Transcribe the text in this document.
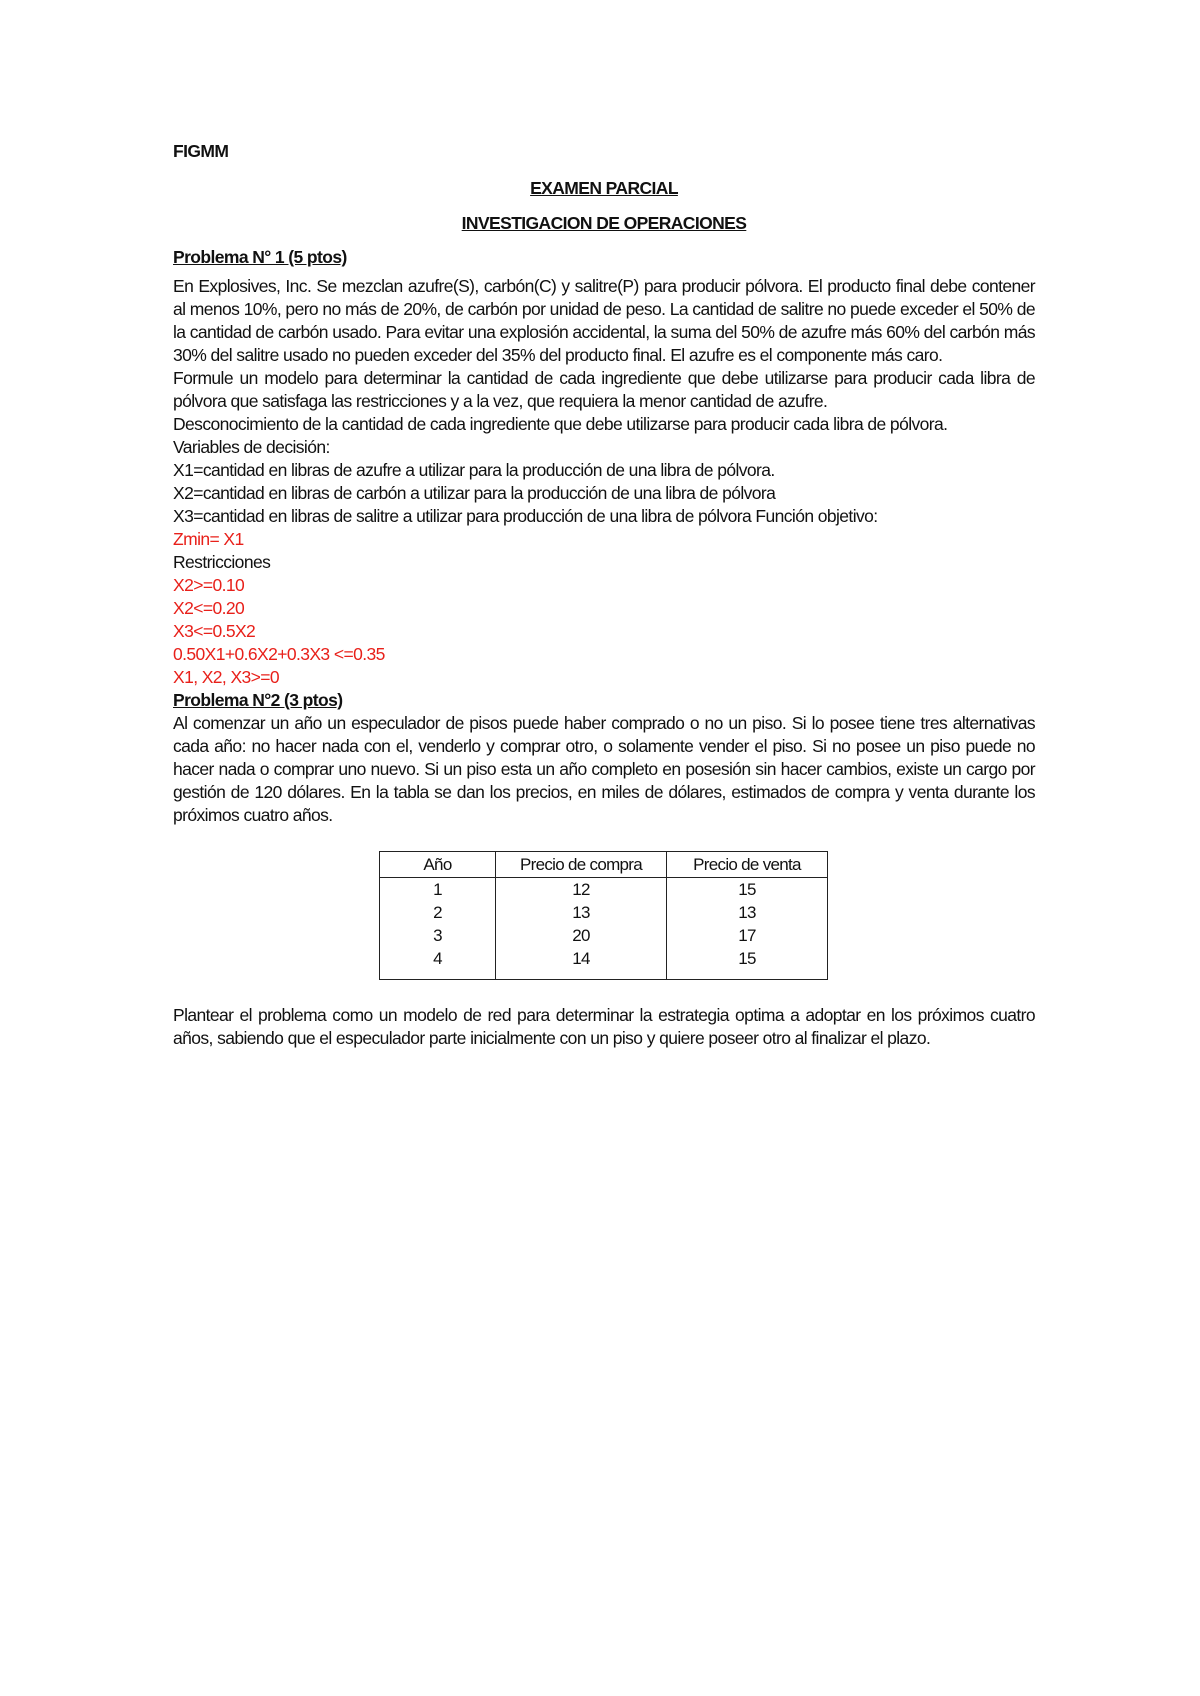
FIGMM
EXAMEN PARCIAL
INVESTIGACION DE OPERACIONES
Problema N° 1 (5 ptos)
En Explosives, Inc. Se mezclan azufre(S), carbón(C) y salitre(P) para producir pólvora. El producto final debe contener al menos 10%, pero no más de 20%, de carbón por unidad de peso. La cantidad de salitre no puede exceder el 50% de la cantidad de carbón usado. Para evitar una explosión accidental, la suma del 50% de azufre más 60% del carbón más 30% del salitre usado no pueden exceder del 35% del producto final. El azufre es el componente más caro.
Formule un modelo para determinar la cantidad de cada ingrediente que debe utilizarse para producir cada libra de pólvora que satisfaga las restricciones y a la vez, que requiera la menor cantidad de azufre.
Desconocimiento de la cantidad de cada ingrediente que debe utilizarse para producir cada libra de pólvora.
Variables de decisión:
X1=cantidad en libras de azufre a utilizar para la producción de una libra de pólvora.
X2=cantidad en libras de carbón a utilizar para la producción de una libra de pólvora
X3=cantidad en libras de salitre a utilizar para producción de una libra de pólvora Función objetivo:
Zmin= X1
Restricciones
X2>=0.10
X2<=0.20
X3<=0.5X2
0.50X1+0.6X2+0.3X3 <=0.35
X1, X2, X3>=0
Problema N°2 (3 ptos)
Al comenzar un año un especulador de pisos puede haber comprado o no un piso. Si lo posee tiene tres alternativas cada año: no hacer nada con el, venderlo y comprar otro, o solamente vender el piso. Si no posee un piso puede no hacer nada o comprar uno nuevo. Si un piso esta un año completo en posesión sin hacer cambios, existe un cargo por gestión de 120 dólares. En la tabla se dan los precios, en miles de dólares, estimados de compra y venta durante los próximos cuatro años.
Año	Precio de compra	Precio de venta
1	12	15
2	13	13
3	20	17
4	14	15
Plantear el problema como un modelo de red para determinar la estrategia optima a adoptar en los próximos cuatro años, sabiendo que el especulador parte inicialmente con un piso y quiere poseer otro al finalizar el plazo.
